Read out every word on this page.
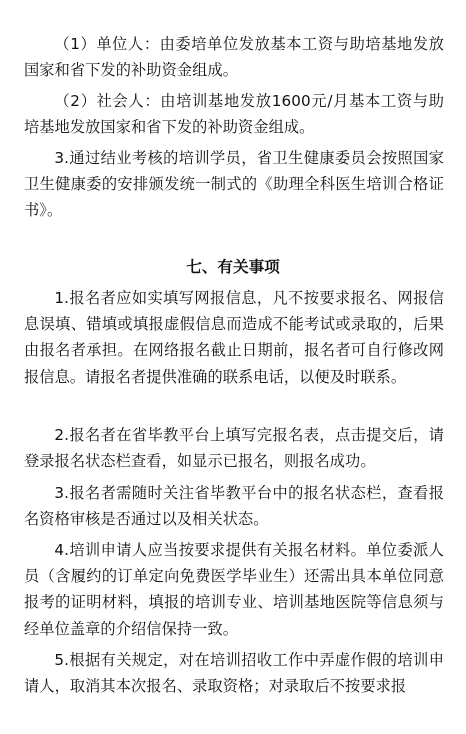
（1）单位人：由委培单位发放基本工资与助培基地发放国家和省下发的补助资金组成。

（2）社会人：由培训基地发放1600元/月基本工资与助培基地发放国家和省下发的补助资金组成。

3.通过结业考核的培训学员，省卫生健康委员会按照国家卫生健康委的安排颁发统一制式的《助理全科医生培训合格证书》。

七、有关事项

1.报名者应如实填写网报信息，凡不按要求报名、网报信息误填、错填或填报虚假信息而造成不能考试或录取的，后果由报名者承担。在网络报名截止日期前，报名者可自行修改网报信息。请报名者提供准确的联系电话，以便及时联系。

2.报名者在省毕教平台上填写完报名表，点击提交后，请登录报名状态栏查看，如显示已报名，则报名成功。

3.报名者需随时关注省毕教平台中的报名状态栏，查看报名资格审核是否通过以及相关状态。

4.培训申请人应当按要求提供有关报名材料。单位委派人员（含履约的订单定向免费医学毕业生）还需出具本单位同意报考的证明材料，填报的培训专业、培训基地医院等信息须与经单位盖章的介绍信保持一致。

5.根据有关规定，对在培训招收工作中弄虚作假的培训申请人，取消其本次报名、录取资格；对录取后不按要求报
